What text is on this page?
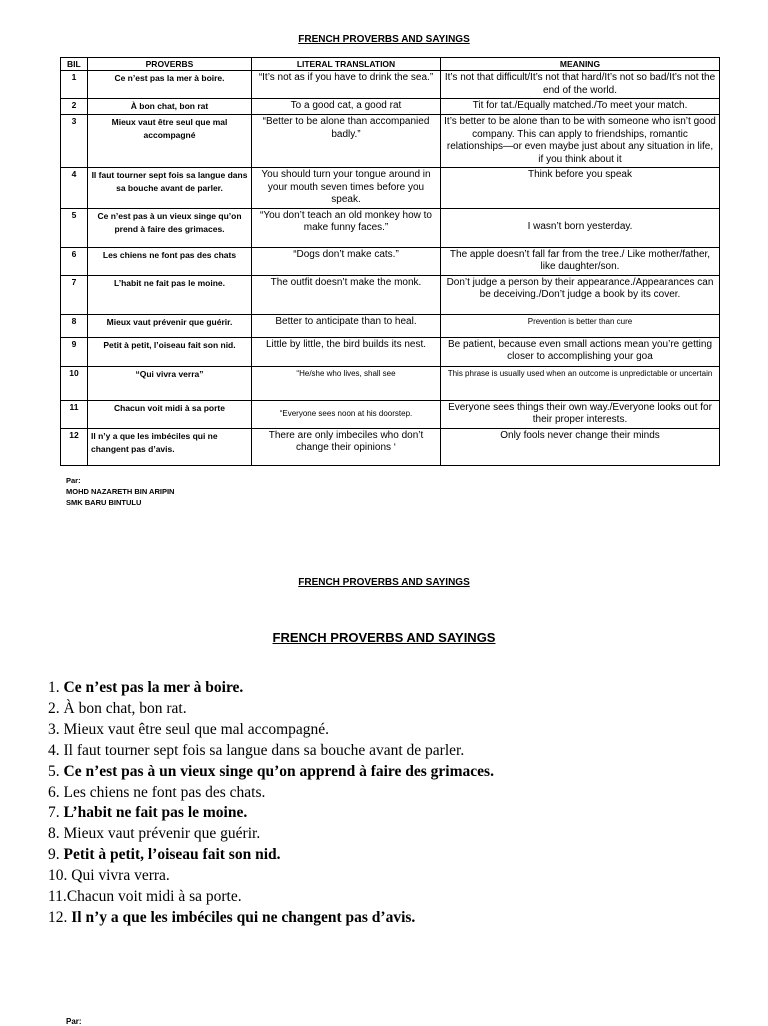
FRENCH PROVERBS AND SAYINGS
BIL	PROVERBS	LITERAL TRANSLATION	MEANING
1	Ce n’est pas la mer à boire.	“It’s not as if you have to drink the sea.”	It’s not that difficult/It’s not that hard/It’s not so bad/It’s not the end of the world.
2	À bon chat, bon rat	To a good cat, a good rat	Tit for tat./Equally matched./To meet your match.
3	Mieux vaut être seul que mal accompagné	“Better to be alone than accompanied badly.”	It’s better to be alone than to be with someone who isn’t good company. This can apply to friendships, romantic relationships—or even maybe just about any situation in life, if you think about it
4	Il faut tourner sept fois sa langue dans sa bouche avant de parler.	You should turn your tongue around in your mouth seven times before you speak.	Think before you speak
5	Ce n’est pas à un vieux singe qu’on prend à faire des grimaces.	“You don’t teach an old monkey how to make funny faces.”	I wasn’t born yesterday.
6	Les chiens ne font pas des chats	“Dogs don’t make cats.”	The apple doesn’t fall far from the tree./ Like mother/father, like daughter/son.
7	L’habit ne fait pas le moine.	The outfit doesn’t make the monk.	Don’t judge a person by their appearance./Appearances can be deceiving./Don’t judge a book by its cover.
8	Mieux vaut prévenir que guérir.	Better to anticipate than to heal.	Prevention is better than cure
9	Petit à petit, l’oiseau fait son nid.	Little by little, the bird builds its nest.	Be patient, because even small actions mean you’re getting closer to accomplishing your goa
10	“Qui vivra verra”	“He/she who lives, shall see	This phrase is usually used when an outcome is unpredictable or uncertain
11	Chacun voit midi à sa porte	“Everyone sees noon at his doorstep.	Everyone sees things their own way./Everyone looks out for their proper interests.
12	Il n’y a que les imbéciles qui ne changent pas d’avis.	There are only imbeciles who don’t change their opinions ‘	Only fools never change their minds
Par:
MOHD NAZARETH BIN ARIPIN
SMK BARU BINTULU
FRENCH PROVERBS AND SAYINGS
FRENCH PROVERBS AND SAYINGS
1. Ce n’est pas la mer à boire.
2. À bon chat, bon rat.
3. Mieux vaut être seul que mal accompagné.
4. Il faut tourner sept fois sa langue dans sa bouche avant de parler.
5. Ce n’est pas à un vieux singe qu’on apprend à faire des grimaces.
6. Les chiens ne font pas des chats.
7. L’habit ne fait pas le moine.
8. Mieux vaut prévenir que guérir.
9. Petit à petit, l’oiseau fait son nid.
10. Qui vivra verra.
11.Chacun voit midi à sa porte.
12. Il n’y a que les imbéciles qui ne changent pas d’avis.
Par:
